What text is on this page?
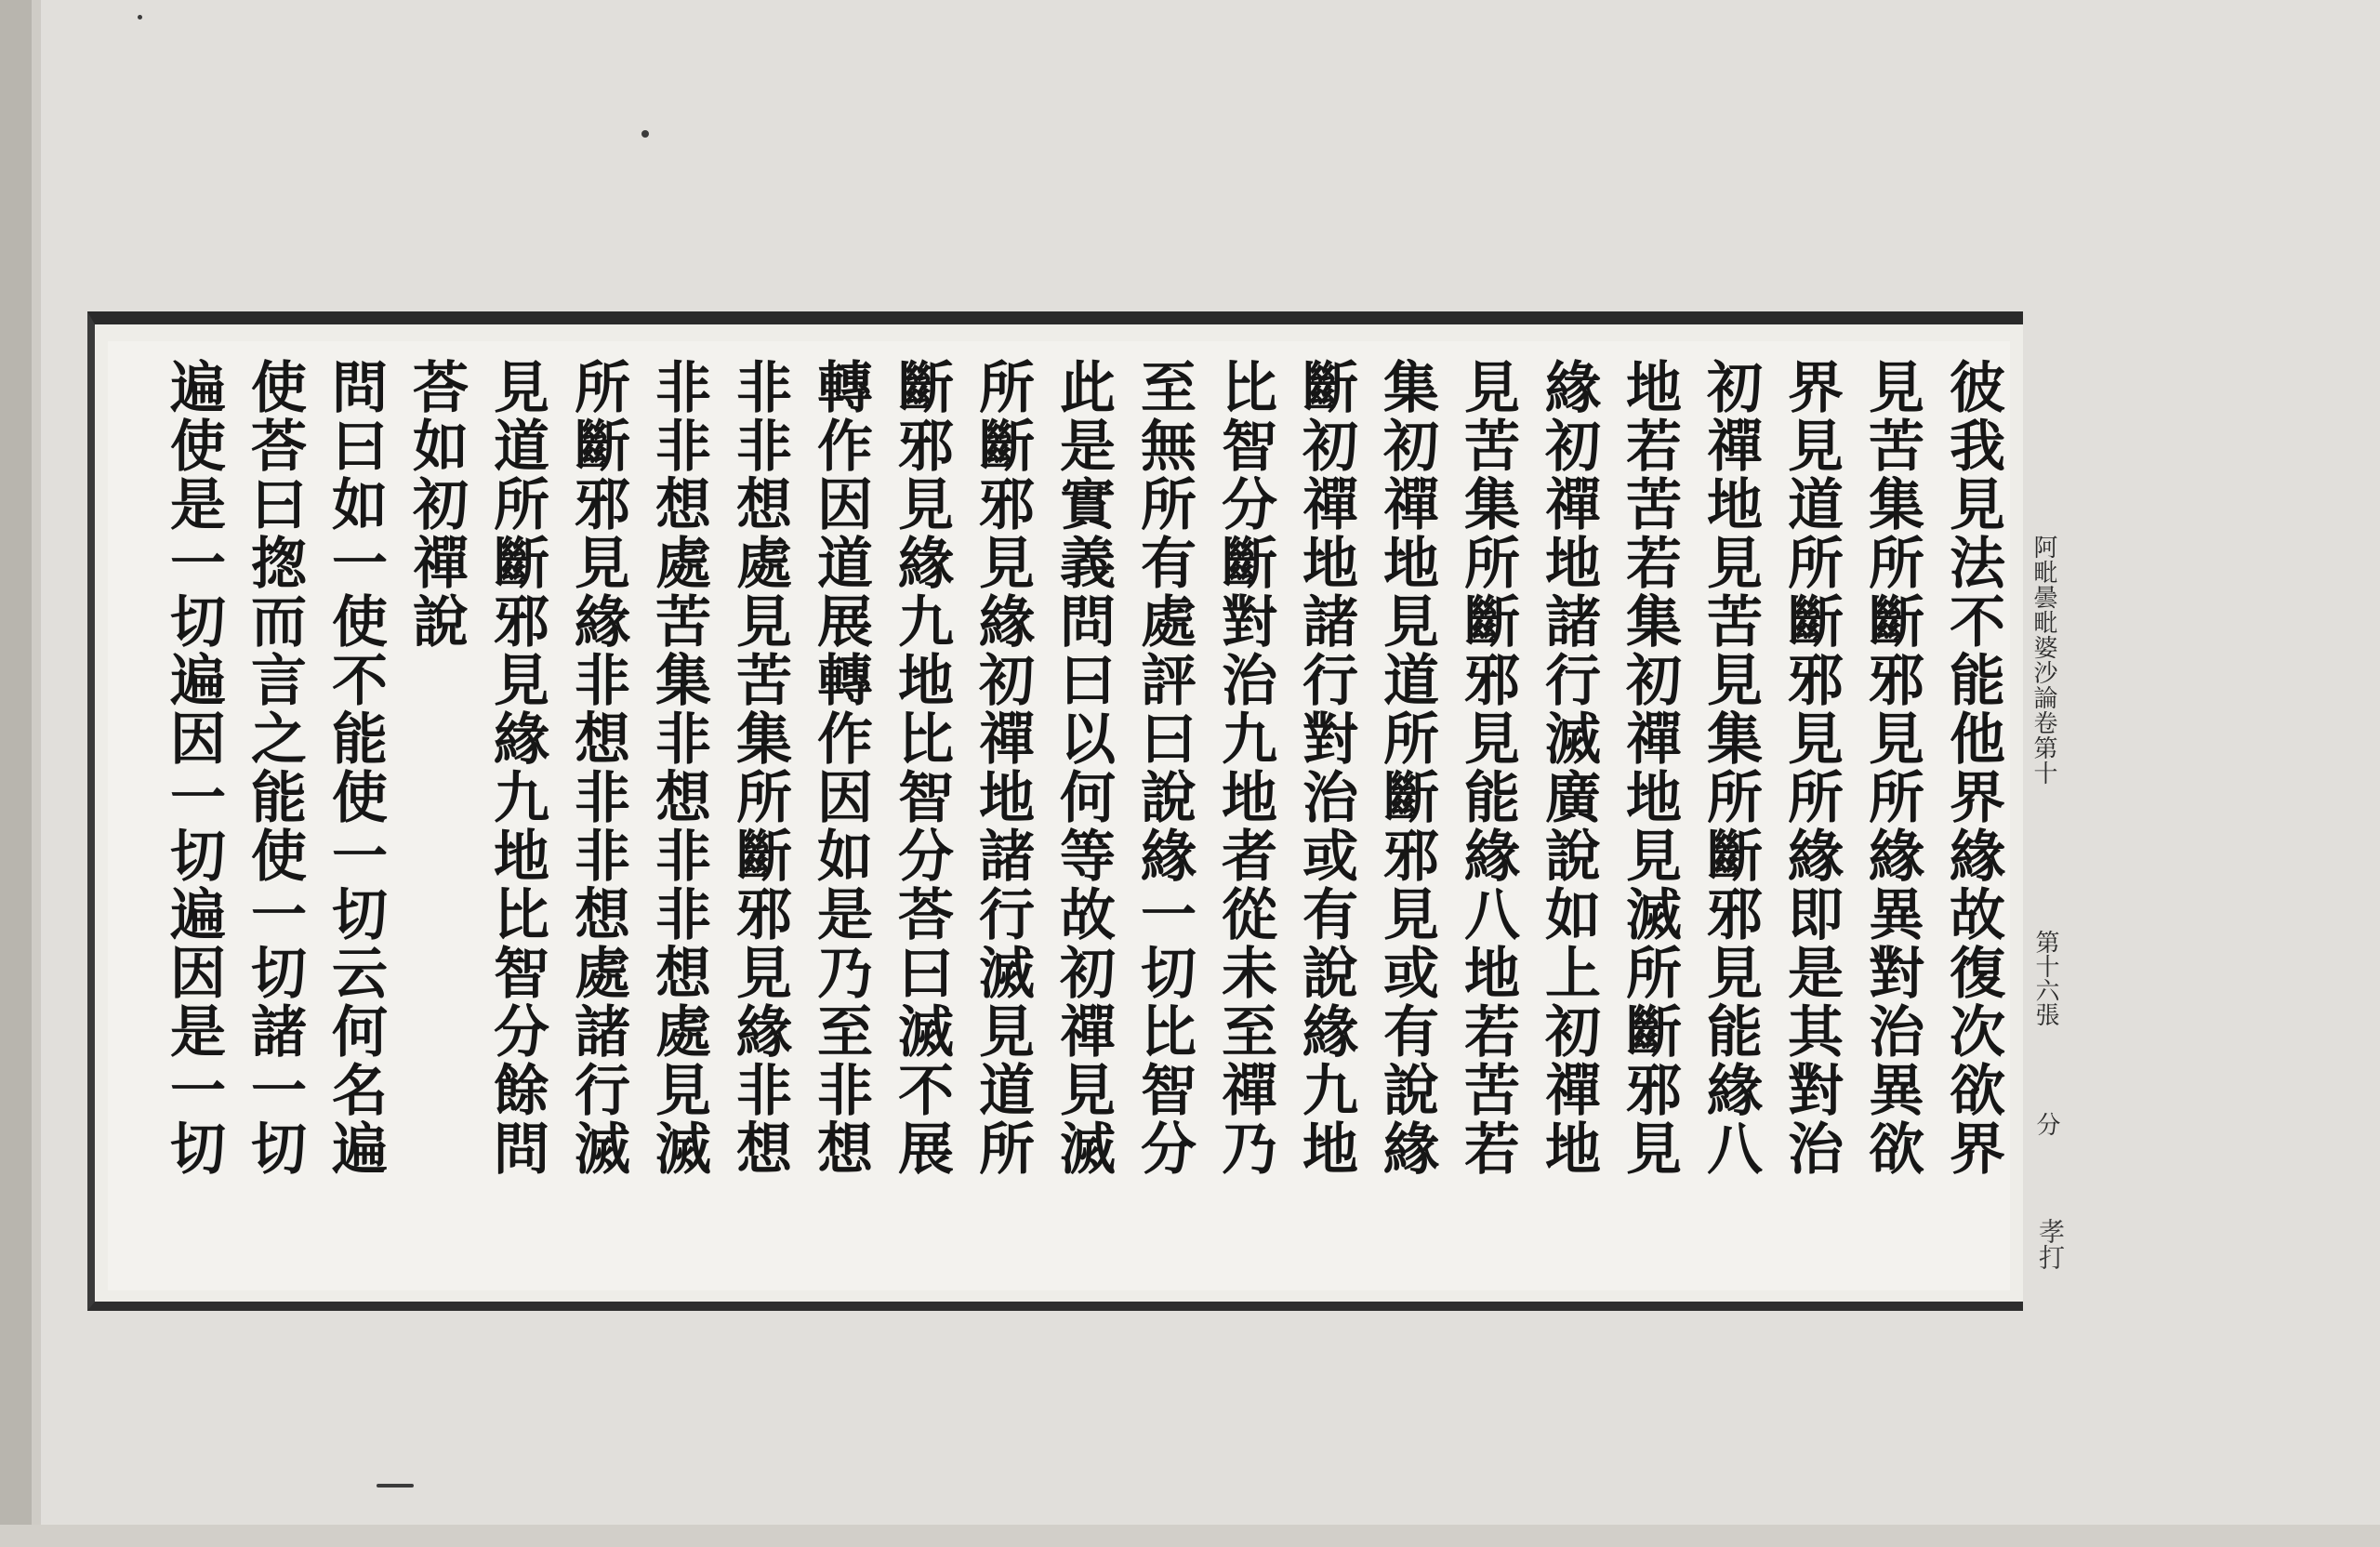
彼我見法不能他界緣故復次欲界
見苦集所斷邪見所緣異對治異欲
界見道所斷邪見所緣即是其對治
初禪地見苦見集所斷邪見能緣八
地若苦若集初禪地見滅所斷邪見
緣初禪地諸行滅廣說如上初禪地
見苦集所斷邪見能緣八地若苦若
集初禪地見道所斷邪見或有說緣
斷初禪地諸行對治或有說緣九地
比智分斷對治九地者從未至禪乃
至無所有處評曰說緣一切比智分
此是實義問曰以何等故初禪見滅
所斷邪見緣初禪地諸行滅見道所
斷邪見緣九地比智分荅曰滅不展
轉作因道展轉作因如是乃至非想
非非想處見苦集所斷邪見緣非想
非非想處苦集非想非非想處見滅
所斷邪見緣非想非非想處諸行滅
見道所斷邪見緣九地比智分餘問
荅如初禪說
問曰如一使不能使一切云何名遍
使荅曰揔而言之能使一切諸一切
遍使是一切遍因一切遍因是一切	阿毗曇毗婆沙論卷第十
第十六張
分
孝打
